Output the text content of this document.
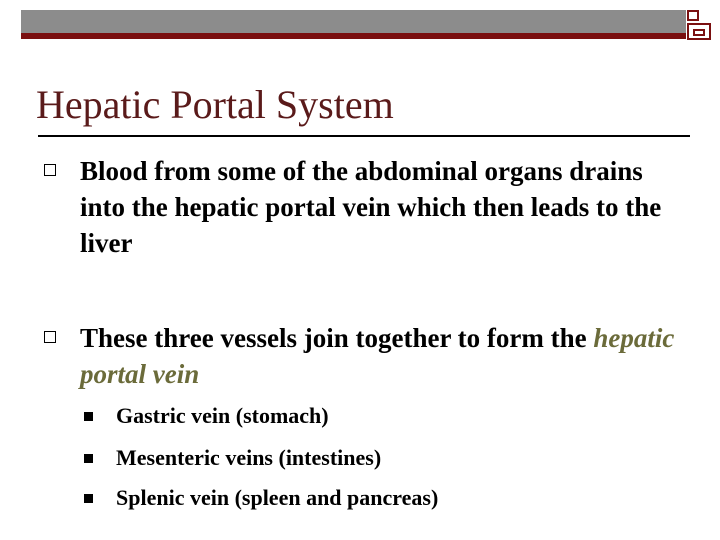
Hepatic Portal System
Blood from some of the abdominal organs drains into the hepatic portal vein which then leads to the liver
These three vessels join together to form the hepatic portal vein
Gastric vein (stomach)
Mesenteric veins (intestines)
Splenic vein (spleen and pancreas)
